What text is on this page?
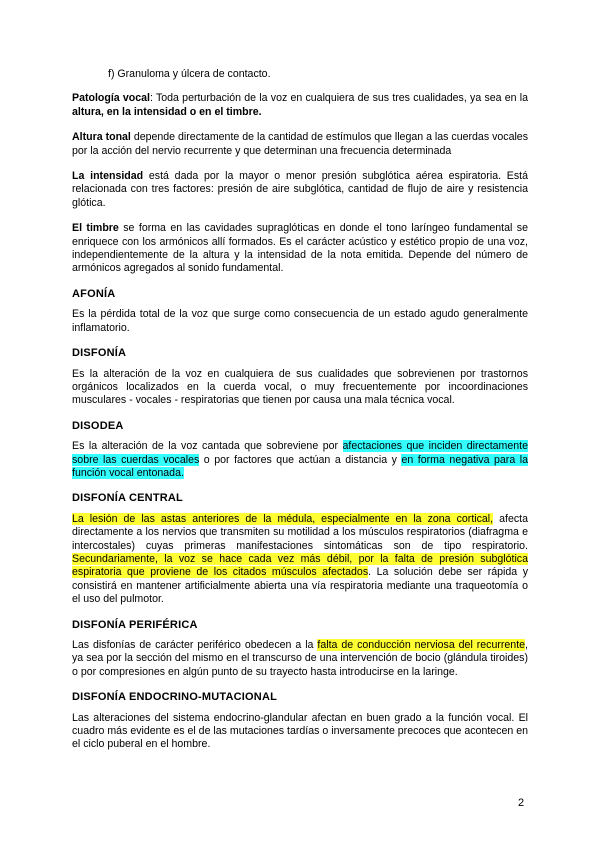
f) Granuloma y úlcera de contacto.

Patología vocal: Toda perturbación de la voz en cualquiera de sus tres cualidades, ya sea en la altura, en la intensidad o en el timbre.

Altura tonal depende directamente de la cantidad de estímulos que llegan a las cuerdas vocales por la acción del nervio recurrente y que determinan una frecuencia determinada

La intensidad está dada por la mayor o menor presión subglótica aérea espiratoria. Está relacionada con tres factores: presión de aire subglótica, cantidad de flujo de aire y resistencia glótica.

El timbre se forma en las cavidades supraglóticas en donde el tono laríngeo fundamental se enriquece con los armónicos allí formados. Es el carácter acústico y estético propio de una voz, independientemente de la altura y la intensidad de la nota emitida. Depende del número de armónicos agregados al sonido fundamental.

AFONÍA

Es la pérdida total de la voz que surge como consecuencia de un estado agudo generalmente inflamatorio.

DISFONÍA

Es la alteración de la voz en cualquiera de sus cualidades que sobrevienen por trastornos orgánicos localizados en la cuerda vocal, o muy frecuentemente por incoordinaciones musculares - vocales - respiratorias que tienen por causa una mala técnica vocal.

DISODEA

Es la alteración de la voz cantada que sobreviene por afectaciones que inciden directamente sobre las cuerdas vocales o por factores que actúan a distancia y en forma negativa para la función vocal entonada.

DISFONÍA CENTRAL

La lesión de las astas anteriores de la médula, especialmente en la zona cortical, afecta directamente a los nervios que transmiten su motilidad a los músculos respiratorios (diafragma e intercostales) cuyas primeras manifestaciones sintomáticas son de tipo respiratorio. Secundariamente, la voz se hace cada vez más débil, por la falta de presión subglótica espiratoria que proviene de los citados músculos afectados. La solución debe ser rápida y consistirá en mantener artificialmente abierta una vía respiratoria mediante una traqueotomía o el uso del pulmotor.

DISFONÍA PERIFÉRICA

Las disfonías de carácter periférico obedecen a la falta de conducción nerviosa del recurrente, ya sea por la sección del mismo en el transcurso de una intervención de bocio (glándula tiroides) o por compresiones en algún punto de su trayecto hasta introducirse en la laringe.

DISFONÍA ENDOCRINO-MUTACIONAL

Las alteraciones del sistema endocrino-glandular afectan en buen grado a la función vocal. El cuadro más evidente es el de las mutaciones tardías o inversamente precoces que acontecen en el ciclo puberal en el hombre.

2
